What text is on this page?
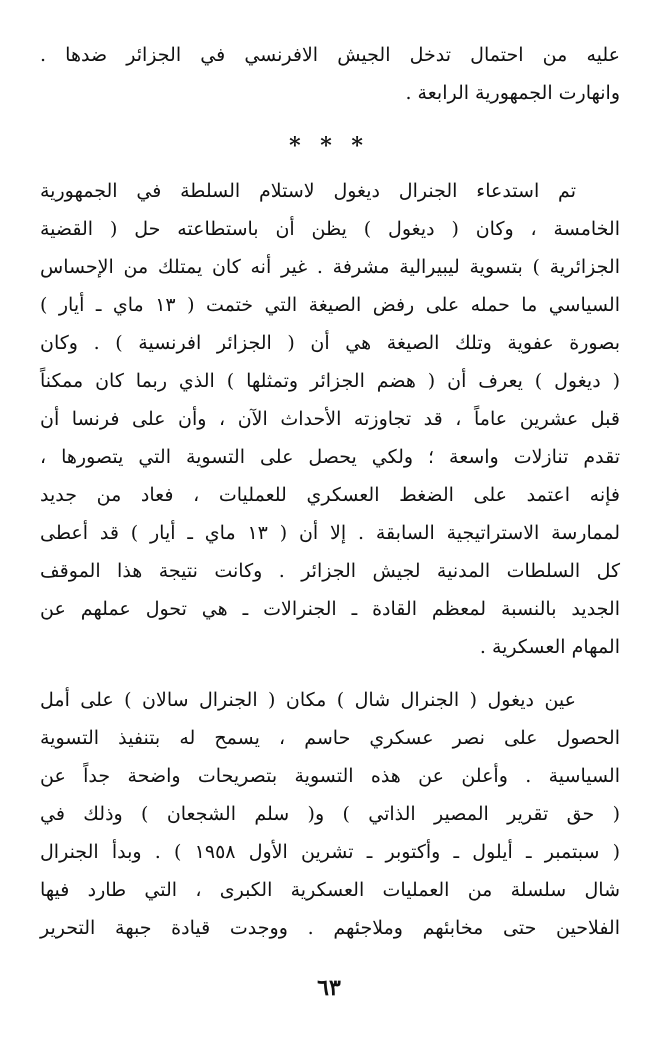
عليه من احتمال تدخل الجيش الافرنسي في الجزائر ضدها .
وانهارت الجمهورية الرابعة .
* * *
تم استدعاء الجنرال ديغول لاستلام السلطة في الجمهورية
الخامسة ، وكان ( ديغول ) يظن أن باستطاعته حل ( القضية
الجزائرية ) بتسوية ليبيرالية مشرفة . غير أنه كان يمتلك من الإحساس
السياسي ما حمله على رفض الصيغة التي ختمت ( ١٣ ماي ـ أيار )
بصورة عفوية وتلك الصيغة هي أن ( الجزائر افرنسية ) . وكان
( ديغول ) يعرف أن ( هضم الجزائر وتمثلها ) الذي ربما كان ممكناً
قبل عشرين عاماً ، قد تجاوزته الأحداث الآن ، وأن على فرنسا أن
تقدم تنازلات واسعة ؛ ولكي يحصل على التسوية التي يتصورها ،
فإنه اعتمد على الضغط العسكري للعمليات ، فعاد من جديد
لممارسة الاستراتيجية السابقة . إلا أن ( ١٣ ماي ـ أيار ) قد أعطى
كل السلطات المدنية لجيش الجزائر . وكانت نتيجة هذا الموقف
الجديد بالنسبة لمعظم القادة ـ الجنرالات ـ هي تحول عملهم عن
المهام العسكرية .
عين ديغول ( الجنرال شال ) مكان ( الجنرال سالان ) على أمل
الحصول على نصر عسكري حاسم ، يسمح له بتنفيذ التسوية
السياسية . وأعلن عن هذه التسوية بتصريحات واضحة جداً عن
( حق تقرير المصير الذاتي ) و( سلم الشجعان ) وذلك في
( سبتمبر ـ أيلول ـ وأكتوبر ـ تشرين الأول ١٩٥٨ ) . وبدأ الجنرال
شال سلسلة من العمليات العسكرية الكبرى ، التي طارد فيها
الفلاحين حتى مخابئهم وملاجئهم . ووجدت قيادة جبهة التحرير
٦٣
